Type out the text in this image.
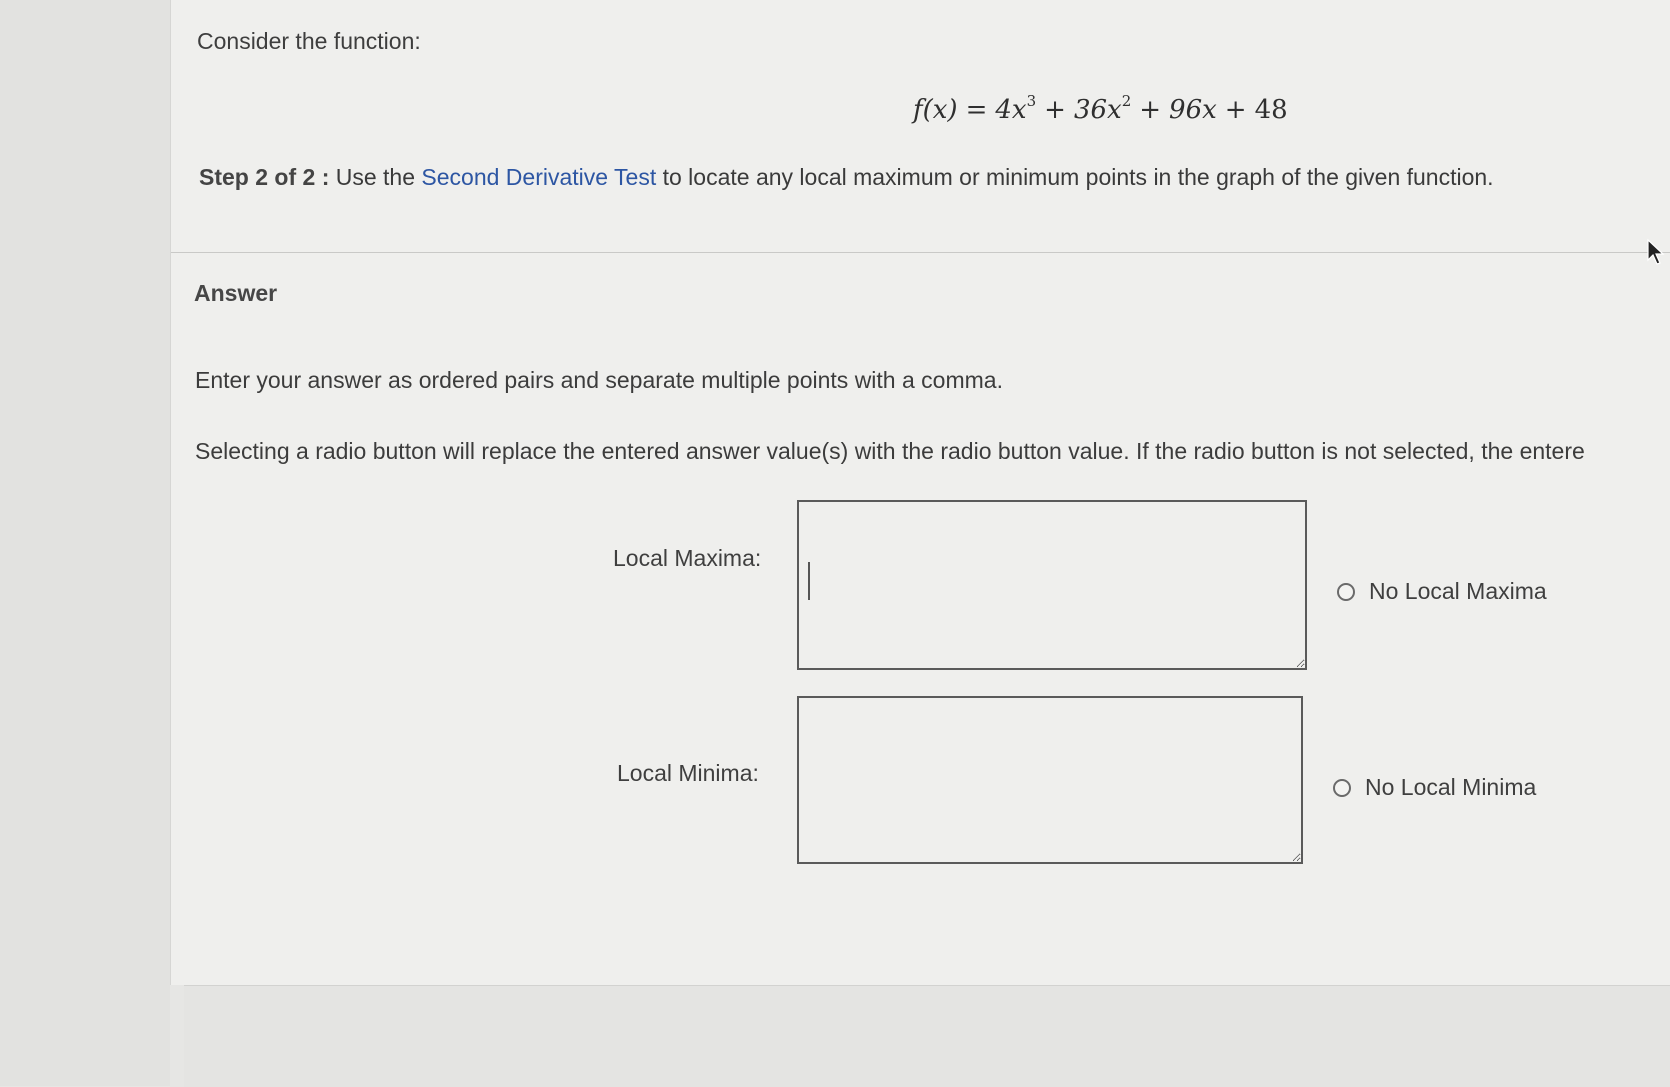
Consider the function:
$f(x) = 4x^3 + 36x^2 + 96x + 48$
Step 2 of 2 : Use the Second Derivative Test to locate any local maximum or minimum points in the graph of the given function.
Answer
Enter your answer as ordered pairs and separate multiple points with a comma.
Selecting a radio button will replace the entered answer value(s) with the radio button value. If the radio button is not selected, the entere
Local Maxima:
No Local Maxima
Local Minima:
No Local Minima
